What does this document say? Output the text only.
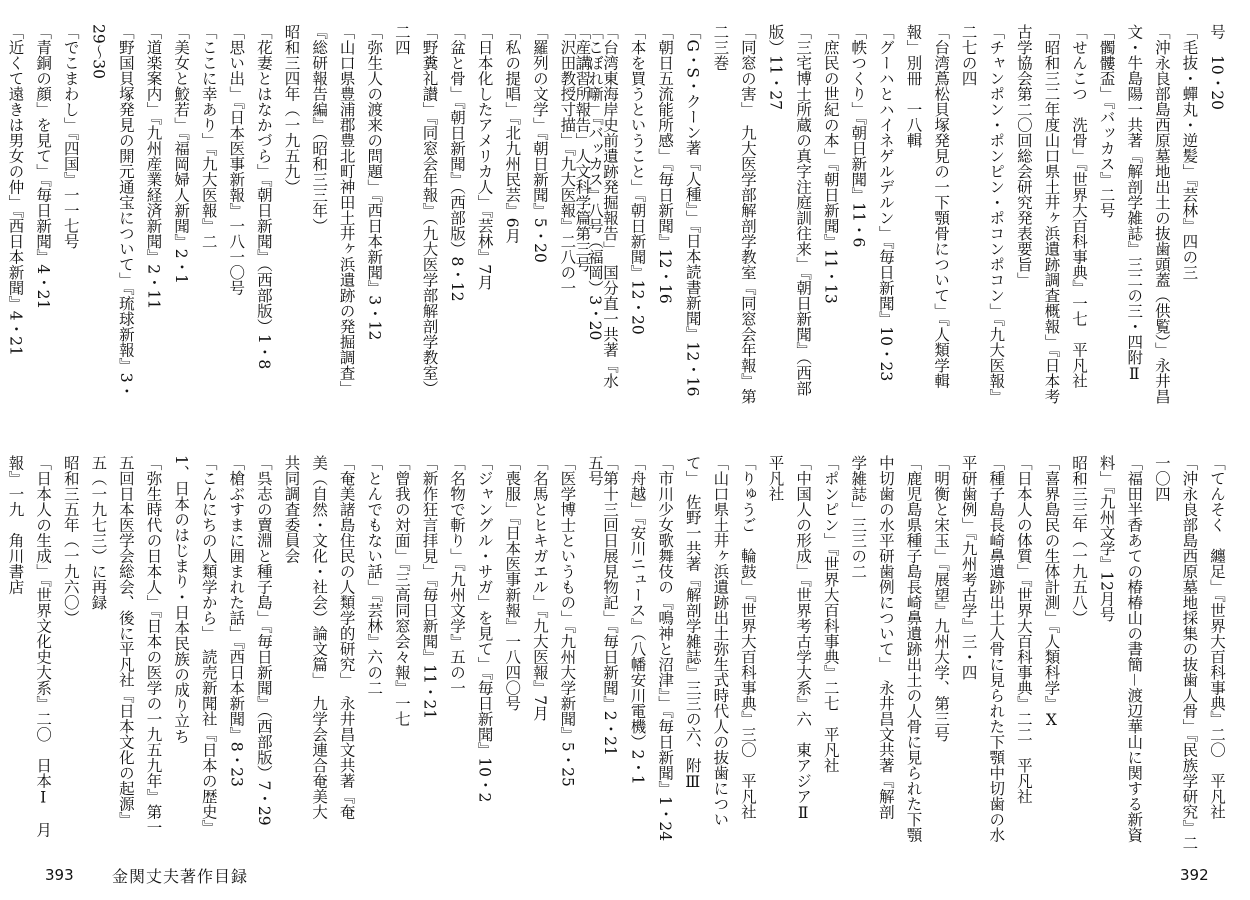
「こぼれ噺」『バッカス』八号（福岡）3・20
「沢田教授寸描」『九大医報』二八の一
「羅列の文学」『朝日新聞』5・20
「私の提唱」『北九州民芸』6月
「日本化したアメリカ人」『芸林』7月
「盆と骨」『朝日新聞』（西部版）8・12
「野糞礼讃」『同窓会年報』（九大医学部解剖学教室）
二四
「弥生人の渡来の問題」『西日本新聞』3・12
「山口県豊浦郡豊北町神田土井ヶ浜遺跡の発掘調査」
『総研報告編』（昭和三三年）
昭和三四年（一九五九）
「花妻とはなかづら」『朝日新聞』（西部版）1・8
「思い出」『日本医事新報』一八一〇号
「ここに幸あり」『九大医報』二
「美女と鮫若」『福岡婦人新聞』2・1
「道楽案内」『九州産業経済新聞』2・11
「野国貝塚発見の開元通宝について」『琉球新報』3・
29～30
「でこまわし」『四国』一一七号
「青銅の顔」を見て」『毎日新聞』4・21
「近くて遠きは男女の仲」『西日本新聞』4・21
五号
「医学博士というもの」『九州大学新聞』5・25
「名馬とヒキガエル」『九大医報』7月
「喪服」『日本医事新報』一八四〇号
「ジャングル・サガ」を見て」『毎日新聞』10・2
「名物で斬り」『九州文学』五の一
「新作狂言拝見」『毎日新聞』11・21
「曾我の対面」『三高同窓会々報』一七
「とんでもない話」『芸林』六の二
「奄美諸島住民の人類学的研究」　永井昌文共著『奄
美（自然・文化・社会）論文篇」　九学会連合奄美大
共同調査委員会
「呉志の賣淵と種子島」『毎日新聞』（西部版）7・29
「槍ぶすまに囲まれた話」『西日本新聞』8・23
「こんにちの人類学から」　読売新聞社『日本の歴史』
1、日本のはじまり・日本民族の成り立ち
「弥生時代の日本人」『日本の医学の一九五九年』第一
五回日本医学会総会、後に平凡社『日本文化の起源』
五（一九七三）に再録
昭和三五年（一九六〇）
「日本人の生成」『世界文化史大系』二〇　日本Ⅰ　月
報』一九　角川書店
号　10・20
「毛抜・蟬丸・逆髪」『芸林』四の三
「沖永良部島西原墓地出土の抜歯頭蓋（供覧）」永井昌
文・牛島陽一共著『解剖学雑誌』三二の三・四附Ⅱ
「髑髏盃」『バッカス』二号
「せんこつ　洗骨」『世界大百科事典』一七　平凡社
「昭和三二年度山口県土井ヶ浜遺跡調査概報」『日本考
古学協会第二〇回総会研究発表要旨」
「チャンポン・ポンピン・ポコンポコン」『九大医報』
二七の四
「台湾蔦松貝塚発見の一下顎骨について」『人類学輯
報」別冊　一八輯
「グーハとハイネゲルデルン」『毎日新聞』10・23
「帙つくり」『朝日新聞』11・6
「庶民の世紀の本」『朝日新聞』11・13
「三宅博士所蔵の真字注庭訓往来」『朝日新聞』（西部
版）11・27
「同窓の害」　九大医学部解剖学教室『同窓会年報』第
二三巻
「G・S・クーン著『人種』」『日本読書新聞』12・16
「朝日五流能所感」『毎日新聞』12・16
「本を買うということ」『朝日新聞』12・20
「台湾東海岸史前遺跡発掘報告」　国分直一共著『水
「産講習所報告」人文科学篇第三号
「てんそく　纏足」『世界大百科事典』二〇　平凡社
「沖永良部島西原墓地採集の抜歯人骨」『民族学研究』二
一〇四
「福田半香あての椿椿山の書簡－渡辺華山に関する新資
料」『九州文学』12月号
昭和三三年（一九五八）
「喜界島民の生体計測」『人類科学』Ⅹ
「日本人の体質」『世界大百科事典』二二　平凡社
「種子島長崎鼻遺跡出土人骨に見られた下顎中切歯の水
平研歯例」『九州考古学』三・四
「明衡と宋玉」『展望』九州大学、第三号
「鹿児島県種子島長崎鼻遺跡出土の人骨に見られた下顎
中切歯の水平研歯例について」　永井昌文共著『解剖
学雑誌」三三の二
「ポンピン」『世界大百科事典』二七　平凡社
「中国人の形成」『世界考古学大系』六　東アジアⅡ
平凡社
「りゅうご　輪鼓」『世界大百科事典』三〇　平凡社
「山口県土井ヶ浜遺跡出土弥生式時代人の抜歯につい
て」　佐野一共著『解剖学雑誌』三三の六、附Ⅲ
「市川少女歌舞伎の『鳴神と沼津』」『毎日新聞』1・24
「舟越」『安川ニュース』（八幡安川電機）2・1
「第十三回日展見物記」『毎日新聞』2・21
393 金関丈夫著作目録	392
